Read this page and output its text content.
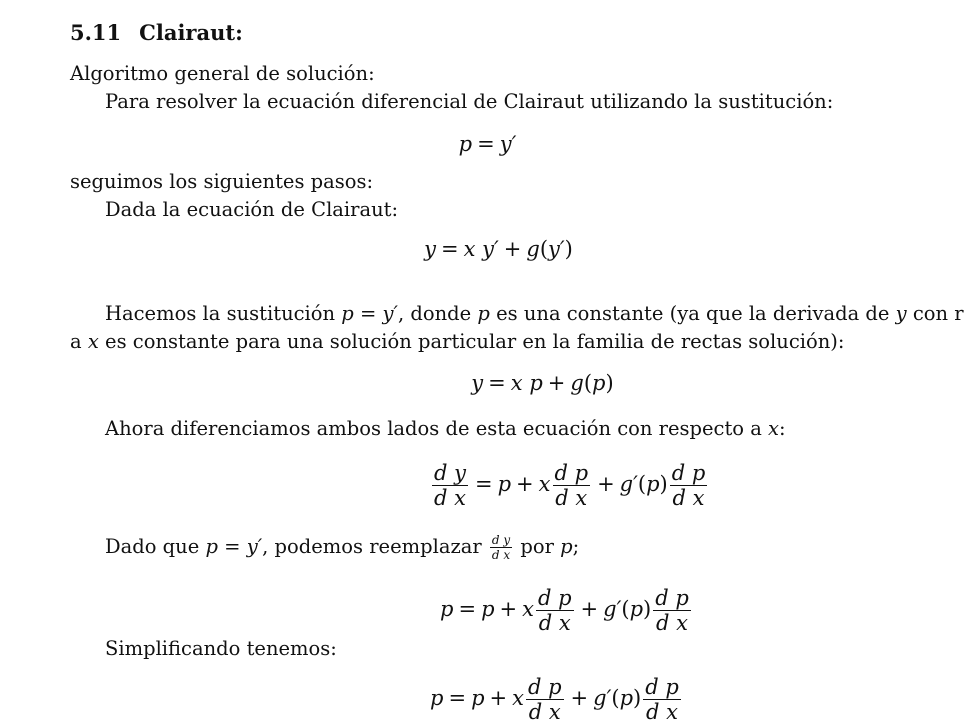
5.11 Clairaut:
Algoritmo general de solución:
Para resolver la ecuación diferencial de Clairaut utilizando la sustitución:
p = y′
seguimos los siguientes pasos:
Dada la ecuación de Clairaut:
y = x y′ + g(y′)
Hacemos la sustitución p = y′, donde p es una constante (ya que la derivada de y con r
a x es constante para una solución particular en la familia de rectas solución):
y = x p + g(p)
Ahora diferenciamos ambos lados de esta ecuación con respecto a x:
$\frac{\text{d y}}{\text{d x}} = p + x \frac{\text{d p}}{\text{d x}} + g'(p) \frac{\text{d p}}{\text{d x}}$
Dado que p = y′, podemos reemplazar $\frac{\text{d y}}{\text{d x}}$ por p;
p = p + x $\frac{\text{d p}}{\text{d x}} + g'(p) \frac{\text{d p}}{\text{d x}}$
Simplificando tenemos:
p = p + x $\frac{\text{d p}}{\text{d x}} + g'(p) \frac{\text{d p}}{\text{d x}}$
